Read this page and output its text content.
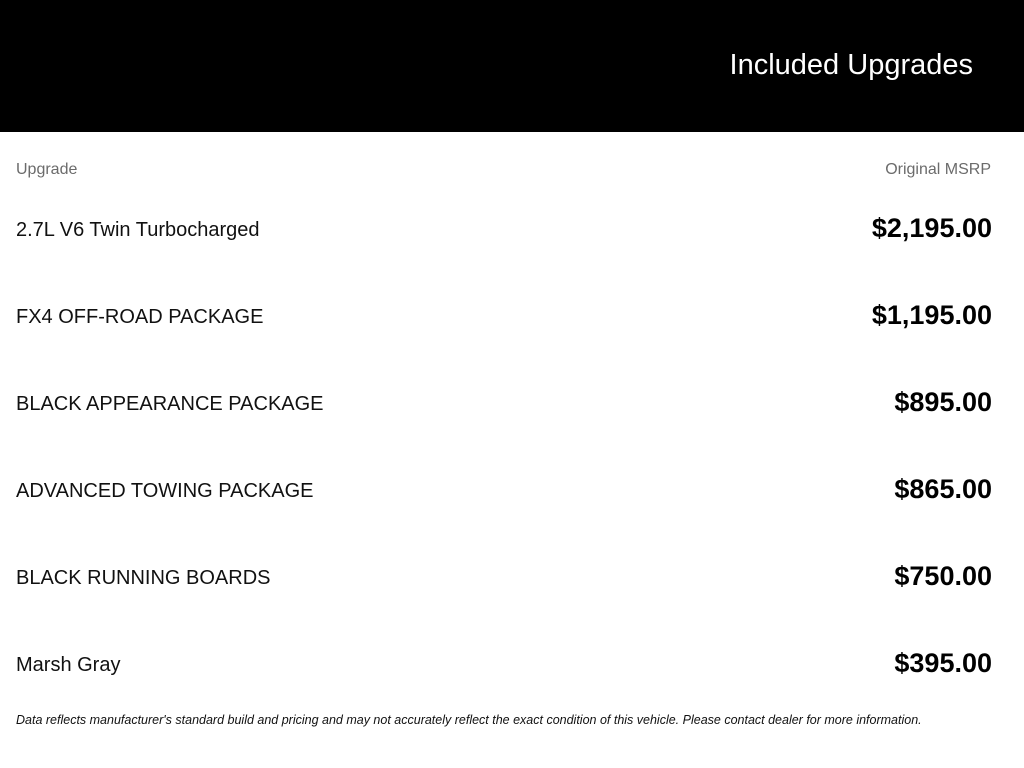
Included Upgrades
Upgrade	Original MSRP
2.7L V6 Twin Turbocharged	$2,195.00
FX4 OFF-ROAD PACKAGE	$1,195.00
BLACK APPEARANCE PACKAGE	$895.00
ADVANCED TOWING PACKAGE	$865.00
BLACK RUNNING BOARDS	$750.00
Marsh Gray	$395.00
Data reflects manufacturer's standard build and pricing and may not accurately reflect the exact condition of this vehicle. Please contact dealer for more information.
